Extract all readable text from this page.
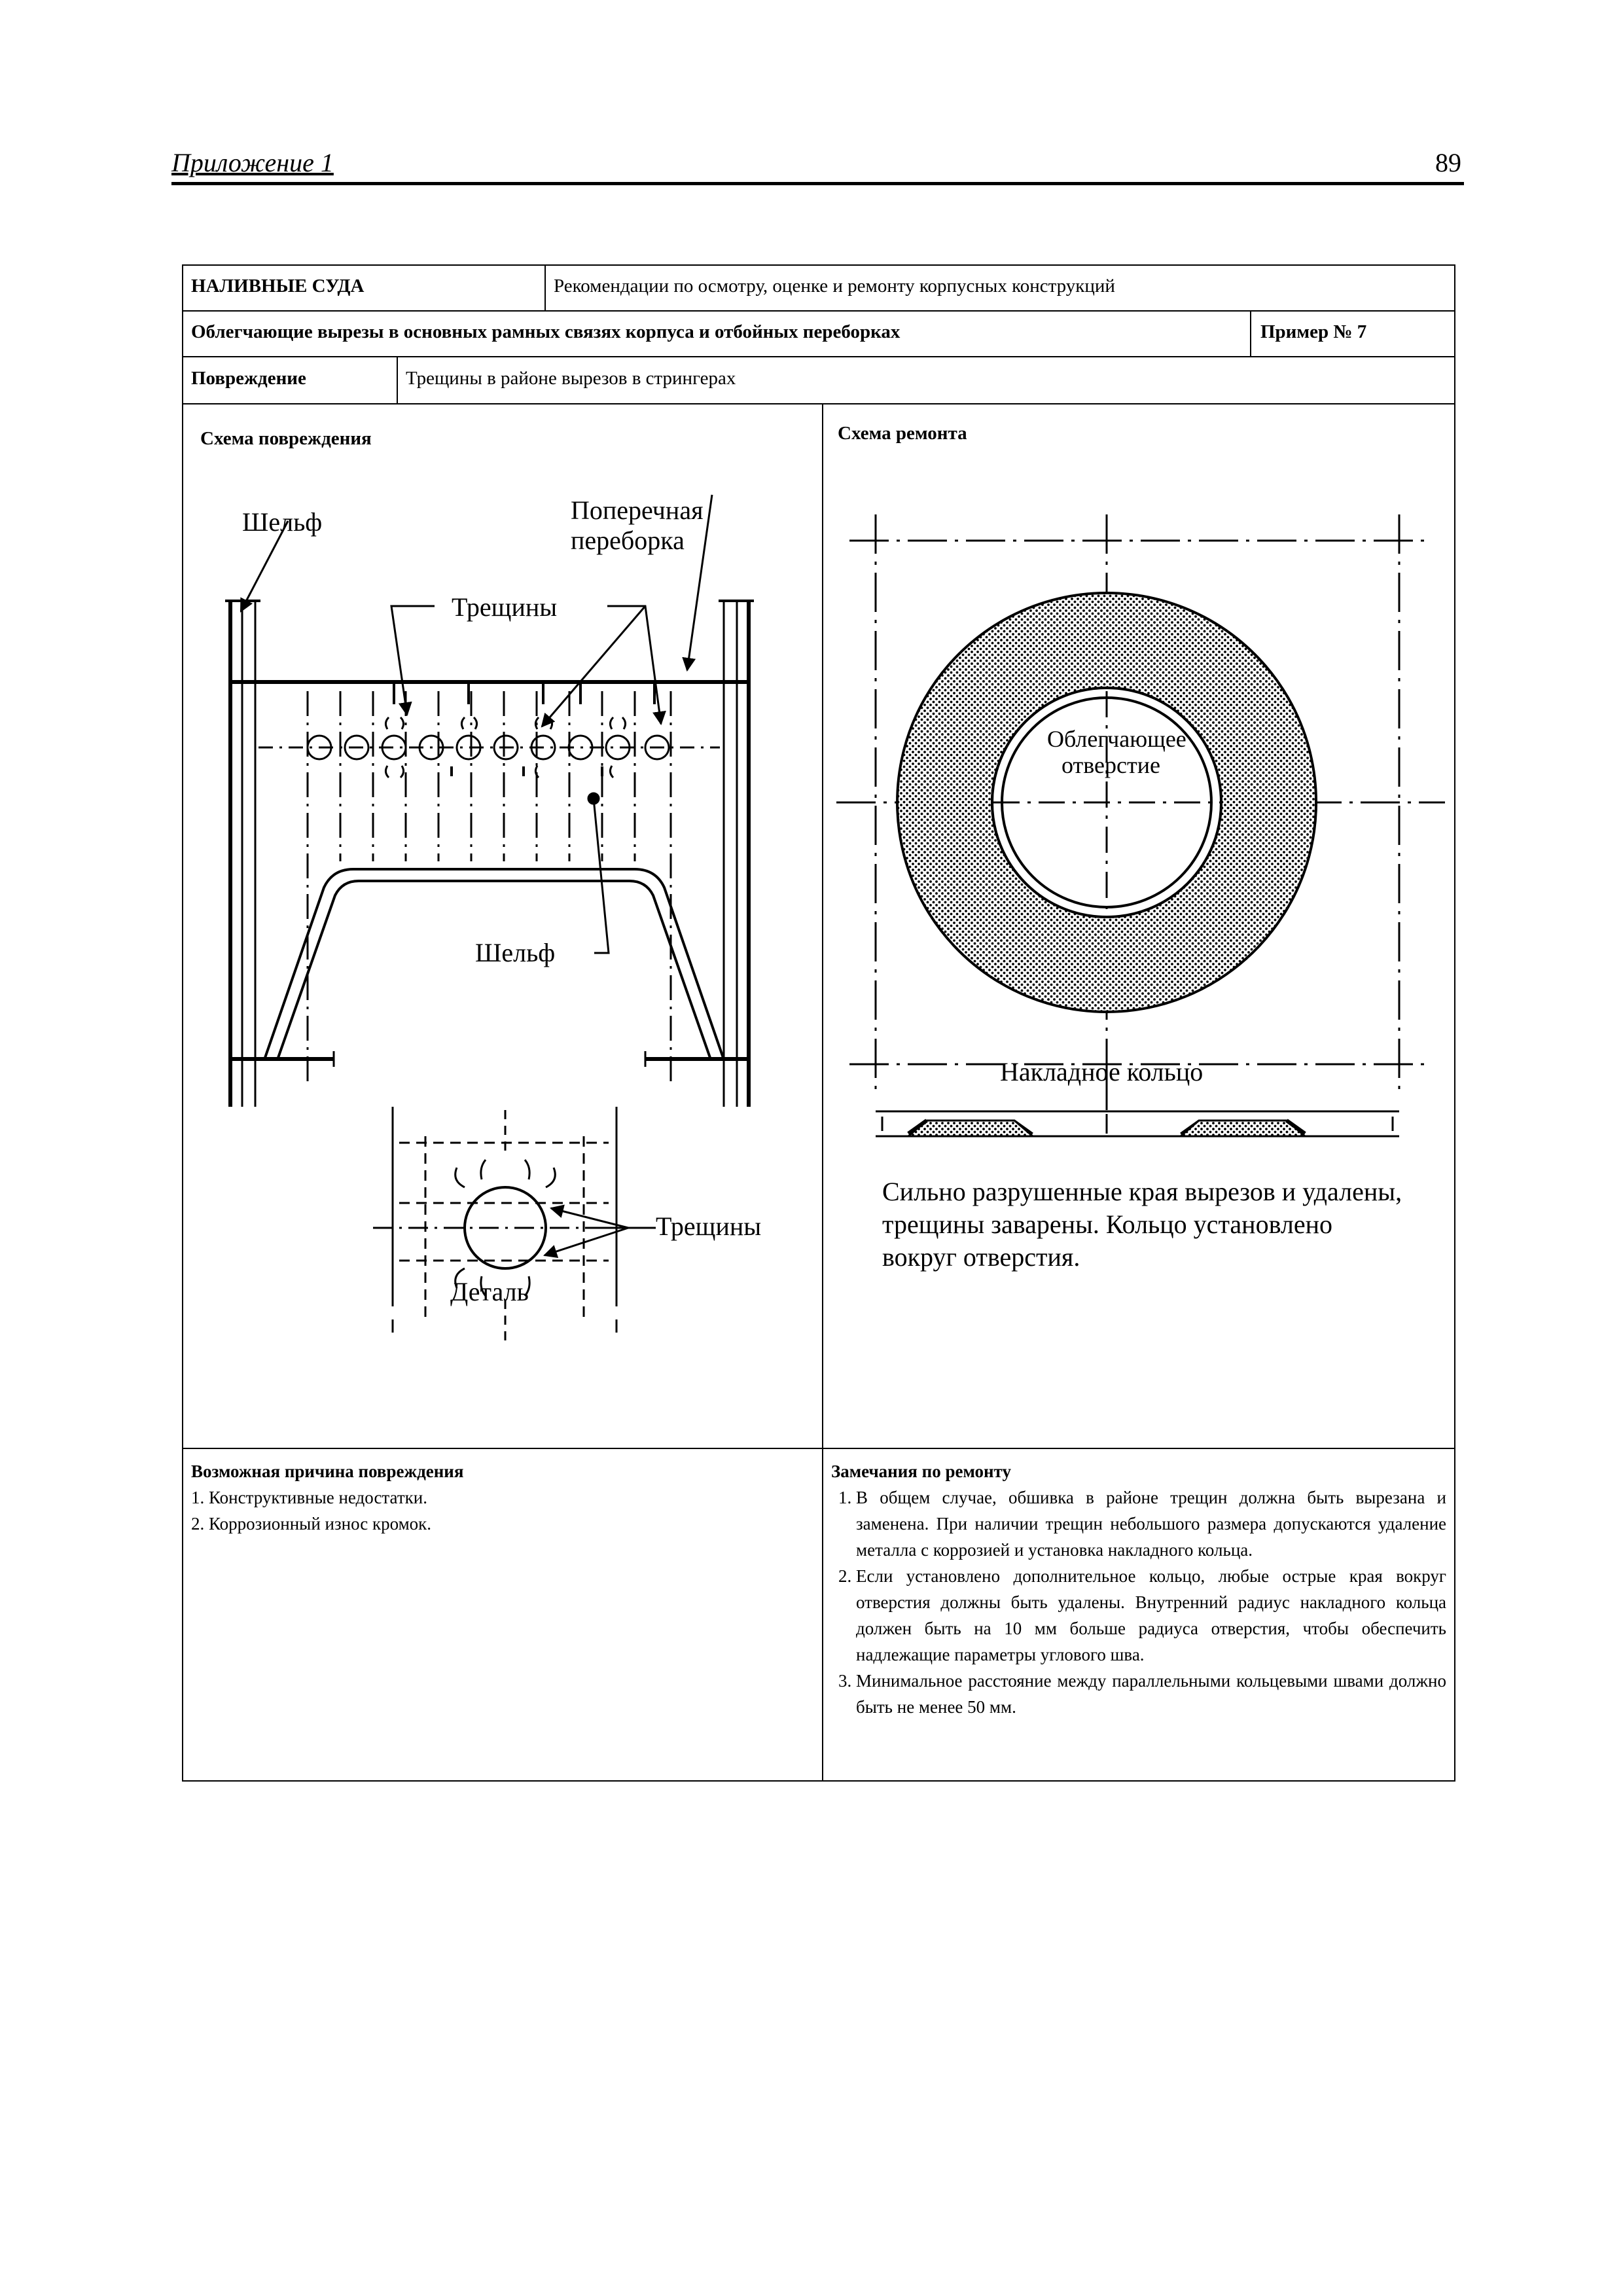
Приложение 1	89
НАЛИВНЫЕ СУДА	Рекомендации по осмотру, оценке и ремонту корпусных конструкций
Облегчающие вырезы в основных рамных связях корпуса и отбойных переборках	Пример № 7
Повреждение	Трещины в районе вырезов в стрингерах
Схема повреждения	Схема ремонта
Шельф	Поперечная
переборка
Трещины
Шельф
Трещины
Деталь
Облегчающее
отверстие
Накладное кольцо
Сильно разрушенные края вырезов и удалены,
трещины заварены. Кольцо установлено
вокруг отверстия.
Возможная причина повреждения
1. Конструктивные недостатки.
2. Коррозионный износ кромок.
Замечания по ремонту
1. В общем случае, обшивка в районе трещин должна быть вырезана и заменена. При наличии трещин небольшого размера допускаются удаление металла с коррозией и установка накладного кольца.
2. Если установлено дополнительное кольцо, любые острые края вокруг отверстия должны быть удалены. Внутренний радиус накладного кольца должен быть на 10 мм больше радиуса отверстия, чтобы обеспечить надлежащие параметры углового шва.
3. Минимальное расстояние между параллельными кольцевыми швами должно быть не менее 50 мм.
